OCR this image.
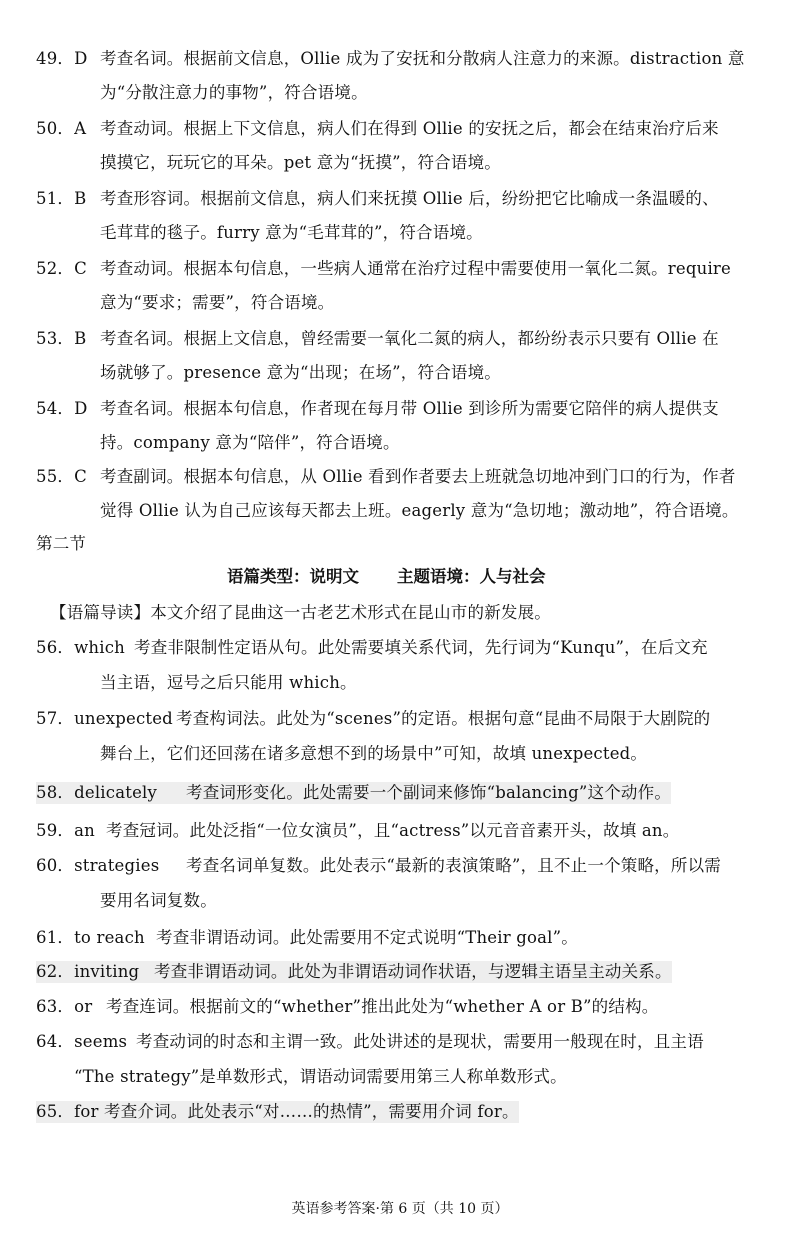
49．D 考查名词。根据前文信息，Ollie 成为了安抚和分散病人注意力的来源。distraction 意
为“分散注意力的事物”，符合语境。
50．A 考查动词。根据上下文信息，病人们在得到 Ollie 的安抚之后，都会在结束治疗后来
摸摸它，玩玩它的耳朵。pet 意为“抚摸”，符合语境。
51．B 考查形容词。根据前文信息，病人们来抚摸 Ollie 后，纷纷把它比喻成一条温暖的、
毛茸茸的毯子。furry 意为“毛茸茸的”，符合语境。
52．C 考查动词。根据本句信息，一些病人通常在治疗过程中需要使用一氧化二氮。require
意为“要求；需要”，符合语境。
53．B 考查名词。根据上文信息，曾经需要一氧化二氮的病人，都纷纷表示只要有 Ollie 在
场就够了。presence 意为“出现；在场”，符合语境。
54．D 考查名词。根据本句信息，作者现在每月带 Ollie 到诊所为需要它陪伴的病人提供支
持。company 意为“陪伴”，符合语境。
55．C 考查副词。根据本句信息，从 Ollie 看到作者要去上班就急切地冲到门口的行为，作者
觉得 Ollie 认为自己应该每天都去上班。eagerly 意为“急切地；激动地”，符合语境。
第二节
语篇类型：说明文 主题语境：人与社会
【语篇导读】本文介绍了昆曲这一古老艺术形式在昆山市的新发展。
56．which 考查非限制性定语从句。此处需要填关系代词，先行词为“Kunqu”，在后文充
当主语，逗号之后只能用 which。
57．unexpected 考查构词法。此处为“scenes”的定语。根据句意“昆曲不局限于大剧院的
舞台上，它们还回荡在诸多意想不到的场景中”可知，故填 unexpected。
58．delicately 考查词形变化。此处需要一个副词来修饰“balancing”这个动作。
59．an 考查冠词。此处泛指“一位女演员”，且“actress”以元音音素开头，故填 an。
60．strategies 考查名词单复数。此处表示“最新的表演策略”，且不止一个策略，所以需
要用名词复数。
61．to reach 考查非谓语动词。此处需要用不定式说明“Their goal”。
62．inviting 考查非谓语动词。此处为非谓语动词作状语，与逻辑主语呈主动关系。
63．or 考查连词。根据前文的“whether”推出此处为“whether A or B”的结构。
64．seems 考查动词的时态和主谓一致。此处讲述的是现状，需要用一般现在时，且主语
“The strategy”是单数形式，谓语动词需要用第三人称单数形式。
65．for 考查介词。此处表示“对……的热情”，需要用介词 for。
英语参考答案·第 6 页（共 10 页）
